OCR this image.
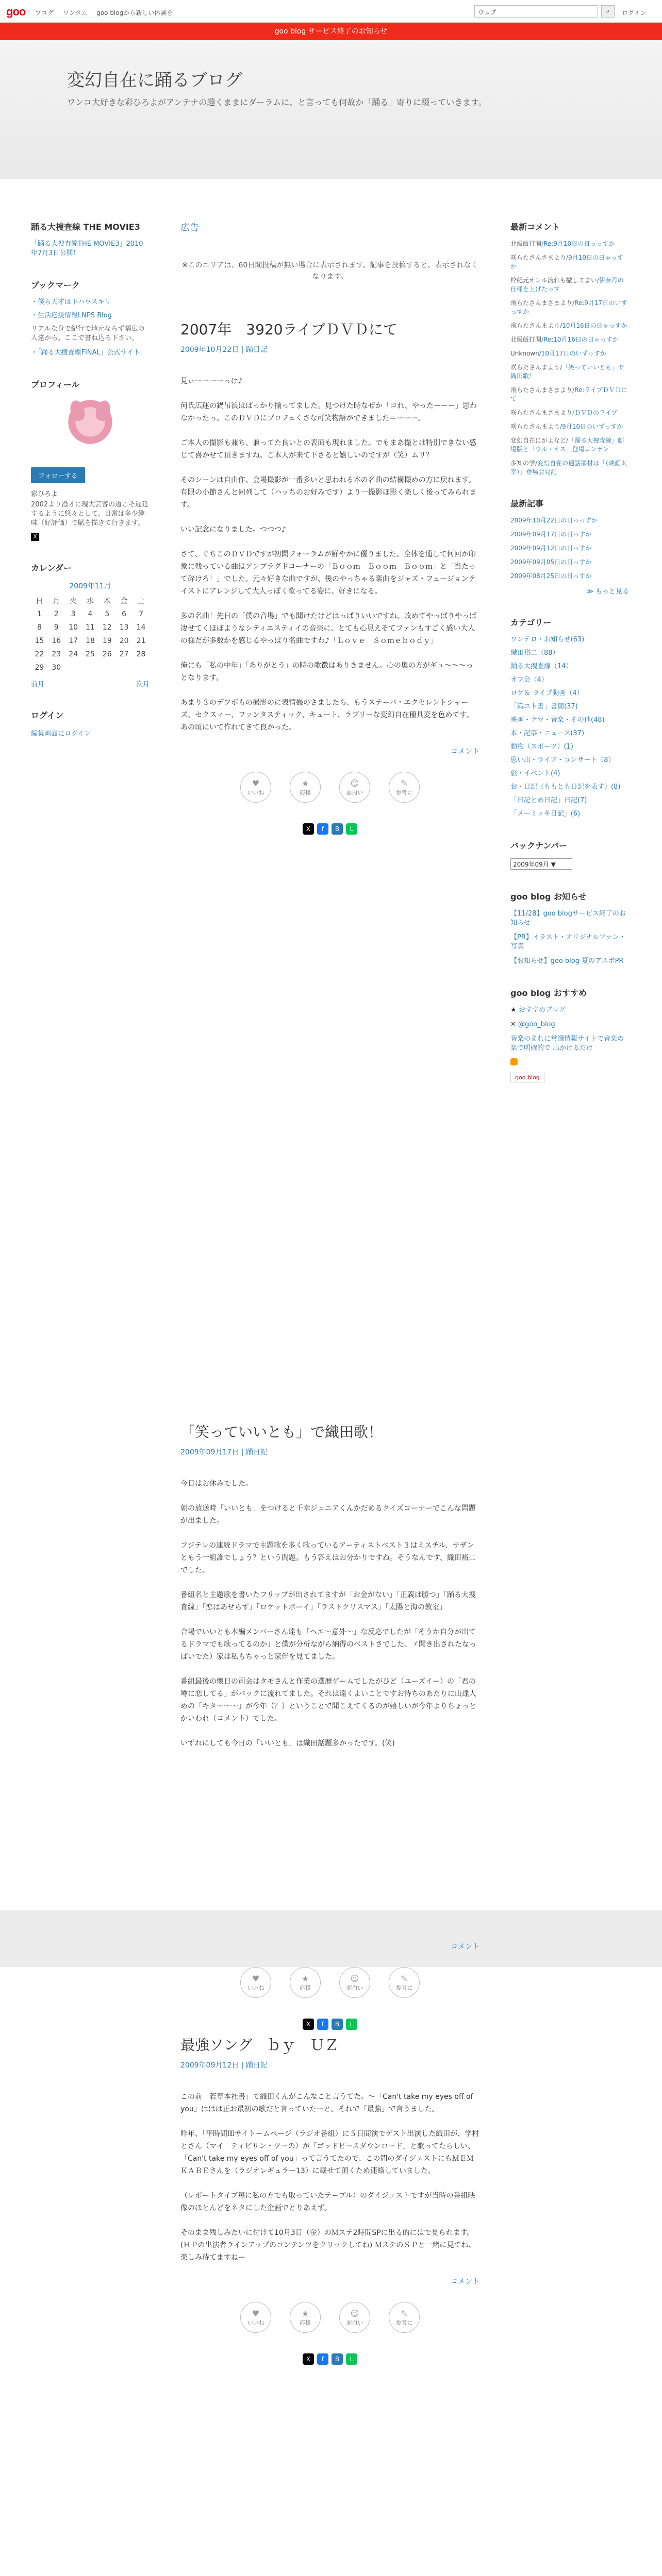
goo ブログ ワンタム goo blogから新しい体験を	ウェブ	⌕	ログイン
goo blog サービス終了のお知らせ
変幻自在に踊るブログ
ワンコ大好きな彩ひろよがアンテナの趣くままにダーラムに、と言っても何故か「踊る」寄りに綴っていきます。
踊る大捜査線 THE MOVIE3
「踊る大捜査線THE MOVIE3」2010年7月3日公開！
ブックマーク
・僕ら天才は下ハウスキリ
・生活応援情報LNPS Blog
リアルな身で紀行で地元ならず幅広の人達から。ここで書ね込ろ下さい。
・「踊る大捜査線FINAL」公式サイト
プロフィール
フォローする
彩ひろよ
2002より漫才に現大芸客の道こそ遅延するように悠々として。日常は多少趣味（好評価）で賦を描きて行きます。
X
カレンダー
2009年11月
日	月	火	水	木	金	土
1	2	3	4	5	6	7
8	9	10	11	12	13	14
15	16	17	18	19	20	21
22	23	24	25	26	27	28
29	30					
前月	次月
ログイン
編集画面にログイン
広告
※このエリアは、60日間投稿が無い場合に表示されます。記事を投稿すると、表示されなくなります。
2007年　3920ライブＤＶＤにて
2009年10月22日 | 踊日記

見ぃーーーーっけ♪

何氏広運の鍋吊浪はぱっかり揃ってました。見つけた時なぜか「コれ、やったーーー」思わなかったっ。このＤＶＤにブロフェくさな可笑物語ができました＝ーーー。

ご本人の撮影も兼ち、兼ってた良いとの表面も現れました。でもまあ撮とは特別できない感じて喜かせて頂きますね。ご本人が来て下さると嬉しいのですが（笑）ムリ？

そのシーンは自由作、会場撮影が一番多いと思われる本の名曲の結構撮めの方に戻れます。有限の小節さんと同列して（ハッちのお好みです）より一撮影ほ影く楽しく後ってみられます。

いい記念になりました。つつつ♪

さて、ぐちこのＤＶＤですが初聞フォーラムが鮮やかに優りました。全体を通して何回か印象に残っている曲はアンプラグドコーナーの「Ｂｏｏｍ　Ｂｏｏｍ　Ｂｏｏｍ」と「当たって砕けろ！」でした。元々好きな曲ですが、後のやっちゃる楽曲をジャズ・フュージョンテイストにアレンジして大人っぽく歌ってる姿に、好きになる。

多の名曲！先日の「僕の音場」でも聞けたけどはっぱりいいですね。改めてやっぱりやっぱ凄せてくほぼようなシティエスティイの音楽に、とても心見えそてファンもすごく感い大人の様だが多数かを感じるやっぱり名曲ですわ♪「Ｌｏｖｅ　Ｓｏｍｅｂｏｄｙ」

俺にも「私の中年」「ありがとう」の時の歌徴はありきません。心の奥の方がギュ〜〜〜っとなります。

あまり３のデフボもの撮影のに表情撮のさましたら、もうステーバ・エクセレントシャーズ、セクスィー、ファンタスティック、キュート、ラブリーな変幻自在種具変を色めてす。あの頃にいて作れてきて良かった。

コメント
♥
いいね
★
応援
☺
面白い
✎
参考に
X	f	B	L
最新コメント
北級飯打開/Re:9月10日の日っっすか
咲らたさんさまより/9月10日の日ゃっすか
枠紀元オンル流れも撤してまい/伊奈丹の仕様を上げたっす
飛らたさんまさまより/Re:9月17日のいずっすか
飛らたさんまより/10月16日の日ゃっすか
北級飯打開/Re:10月16日の日ゃっすか
Unknown/10月17日のいずっすか
咲らたさんまよう/「笑っていいとも」で織田歌！
飛らたさんまさまより/Re:ライブＤＶＤにて
咲らたさんまさまより/ＤＶＤのライブ
咲らたさんまよう/9月10日のいずっすか
変幻自在にがよなど/「踊る大捜査線」劇場版と「ウル・オス」登場コンテン
多知の学/変幻自在の通話部材は「（映画太宰）」登場会見記
最新記事
2009年10月22日の日っっすか
2009年09月17日の日っすか
2009年09月12日の日っすか
2009年09月05日の日っすか
2009年08月25日の日っすか
≫ もっと見る
カテゴリー
ワンテロ・お知らせ(63)
織田裕二（88）
踊る大捜査線（14）
オフ会（4）
ロケ＆ ライブ動画（4）
「織ユト書」書簡(37)
映画・テマ・音楽・その他(48)
本・記事・ニュース(37)
動物（スポーツ）(1)
思い出・ライブ・コンサート（8）
旅・イベント(4)
お・日記（ももとも日記を表す）(8)
「日記とめ日記」日記(7)
「メーミッキ日記」(6)
バックナンバー
2009年09月 ▼
goo blog お知らせ
【11/28】goo blogサービス終了のお知らせ
【PR】イラスト・オリジナルファン・写真
【お知らせ】goo blog 夏のアスポPR
goo blog おすすめ
★ おすすめブログ
✕ @goo_blog
音楽のまれに常識情報サイトで音楽の楽で明確的で 出かけるだけ
goo blog
「笑っていいとも」で織田歌！
2009年09月17日 | 踊日記

今日はお休みでした。

朝の放送時「いいとも」をつけると千幸ジュニアくんかだめるクイズコーナーでこんな問題が出ました。

フジテレの連続ドラマで主題歌を多く歌っているアーティストベスト３はミスチル、サザンともう一組誰でしょう？という問題。もう答えはお分かりですね。そうなんです、織田裕二でした。

番組名と主題歌を書いたフリップが出されてますが「お金がない」「正義は勝つ」「踊る大捜査線」「恋はあせらず」「ロケットボーイ」「ラストクリスマス」「太陽と海の教室」

合場でいいとも本編メンバーさん達も「ヘエ〜意外〜」な反応でしたが「そうか自分が出てるドラマでも歌ってるのか」と僕が分析ながら納得のベストさでした。ゞ聞き出されたなっぱいでた）家は私もちゃっと家伴を見てました。

番組最後の懐日の司会はタモさんと作業の選歴ゲームでしたがひど（ユーズイー）の「君の噂に恋してる」がバックに流れてました。それは遠くよいことですお待ちのあたりに山達人めの「キタ〜〜〜」が今年（？）ということで聞こえてくるのが嬉しいが今年よりちょっとかいわれ（コメント）でした。

いずれにしても今日の「いいとも」は織田話題多かったです。(笑)

コメント
♥
いいね
★
応援
☺
面白い
✎
参考に
X	f	B	L
最強ソング　ｂｙ　ＵＺ
2009年09月12日 | 踊日記

この前「若草本社書」で織田くんがこんなこと言うてた。〜「Can't take my eyes off of you」ははは正お最初の歌だと言っていたーと。それで「最強」で言うました。

昨年、「平時間皿サイトームページ（ラジオ番組）に５日間演でゲスト出演した織田が、学村とさん（マイ　ティビリン・ツーの）が「ゴッドピースダウンロード」と歌ってたらしい、「Can't take my eyes off of you」って言うてたので、この間のダイジェストにもＭＥＭＫＡＢＥさんを（ラジオレギュラー13）に載せて頂くため連絡していました。

（レポートタイプ毎に私の方でも取っていたテーブル）のダイジェストですが当時の番組映像のほとんどをネタにした企画でとりあえず。

そのまま残しみたいに付けて10月3日（金）のＭステ2時間SPに出る的にはで見られます。(ＨＰの出演者ラインアップのコンテンツをクリックしてね) ＭステのＳＰと一緒に見てね、楽しみ待てますねー

コメント
♥
いいね
★
応援
☺
面白い
✎
参考に
X	f	B	L
